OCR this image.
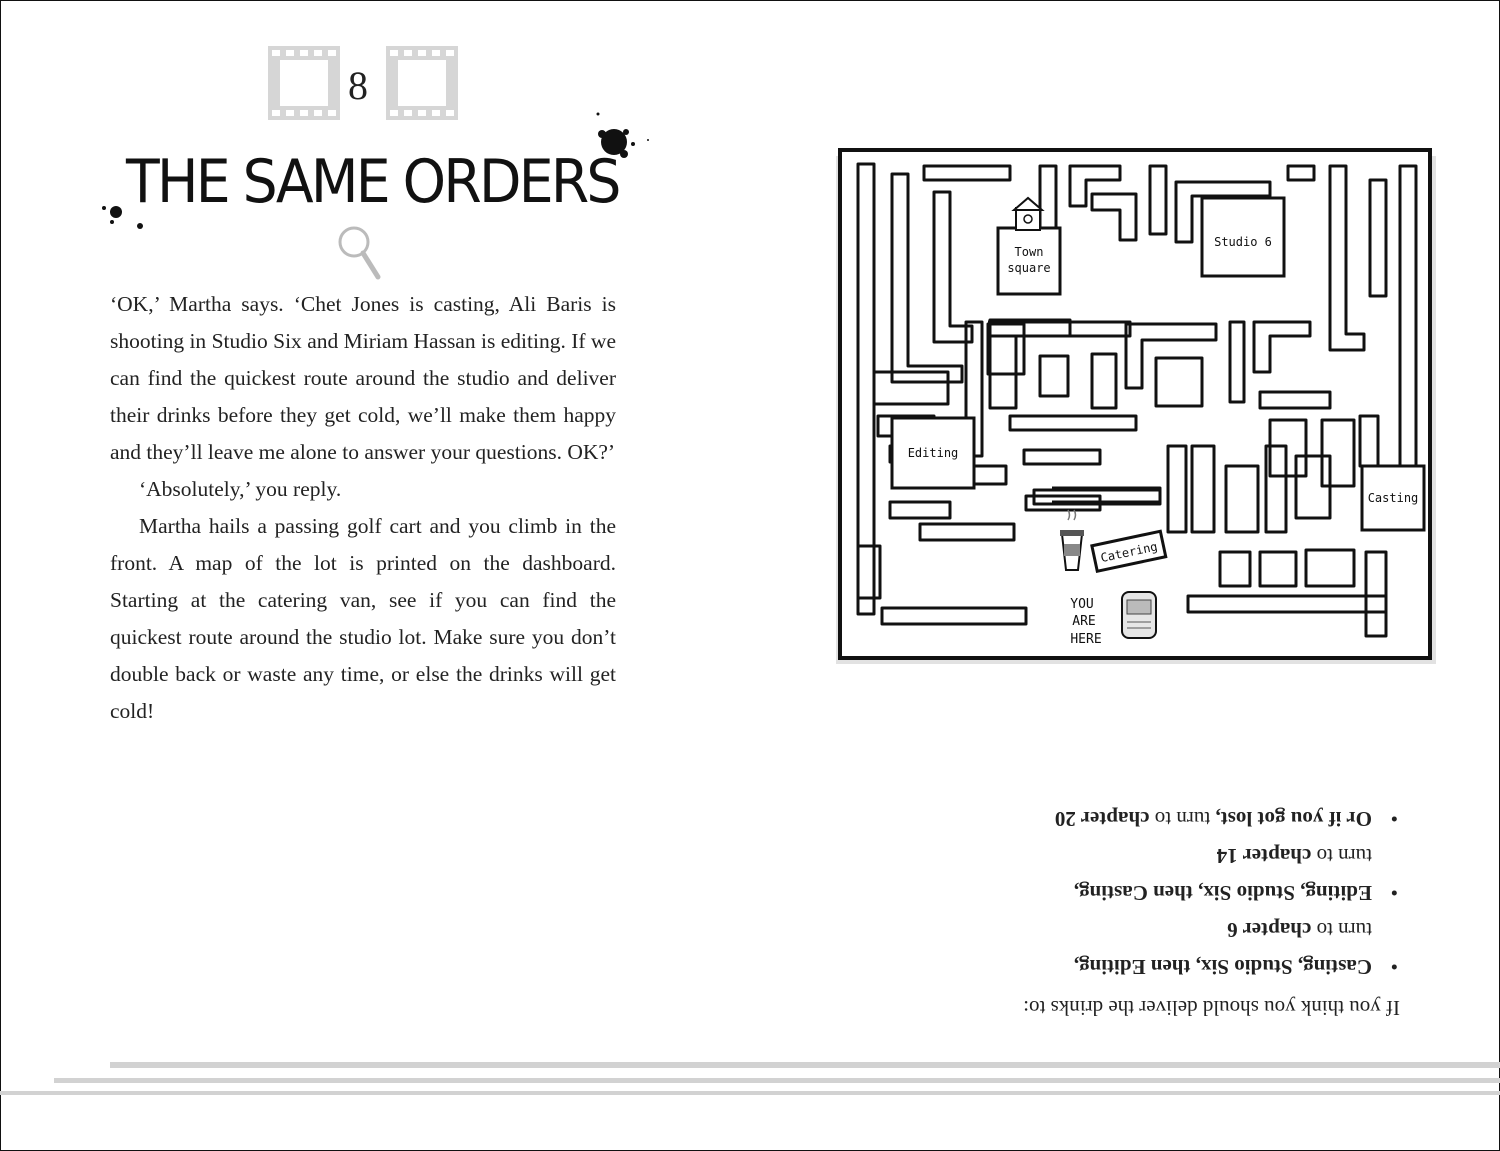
8
THE SAME ORDERS

‘OK,’ Martha says. ‘Chet Jones is casting, Ali Baris is shooting in Studio Six and Miriam Hassan is editing. If we can find the quickest route around the studio and deliver their drinks before they get cold, we’ll make them happy and they’ll leave me alone to answer your questions. OK?’

‘Absolutely,’ you reply.

Martha hails a passing golf cart and you climb in the front. A map of the lot is printed on the dashboard. Starting at the catering van, see if you can find the quickest route around the studio lot. Make sure you don’t double back or waste any time, or else the drinks will get cold!

Town
square
Studio 6
Editing
Casting
Catering
YOU
ARE
HERE

If you think you should deliver the drinks to:

•
Casting, Studio Six, then Editing,
turn to chapter 6
•
Editing, Studio Six, then Casting,
turn to chapter 14
•
Or if you got lost, turn to chapter 20
